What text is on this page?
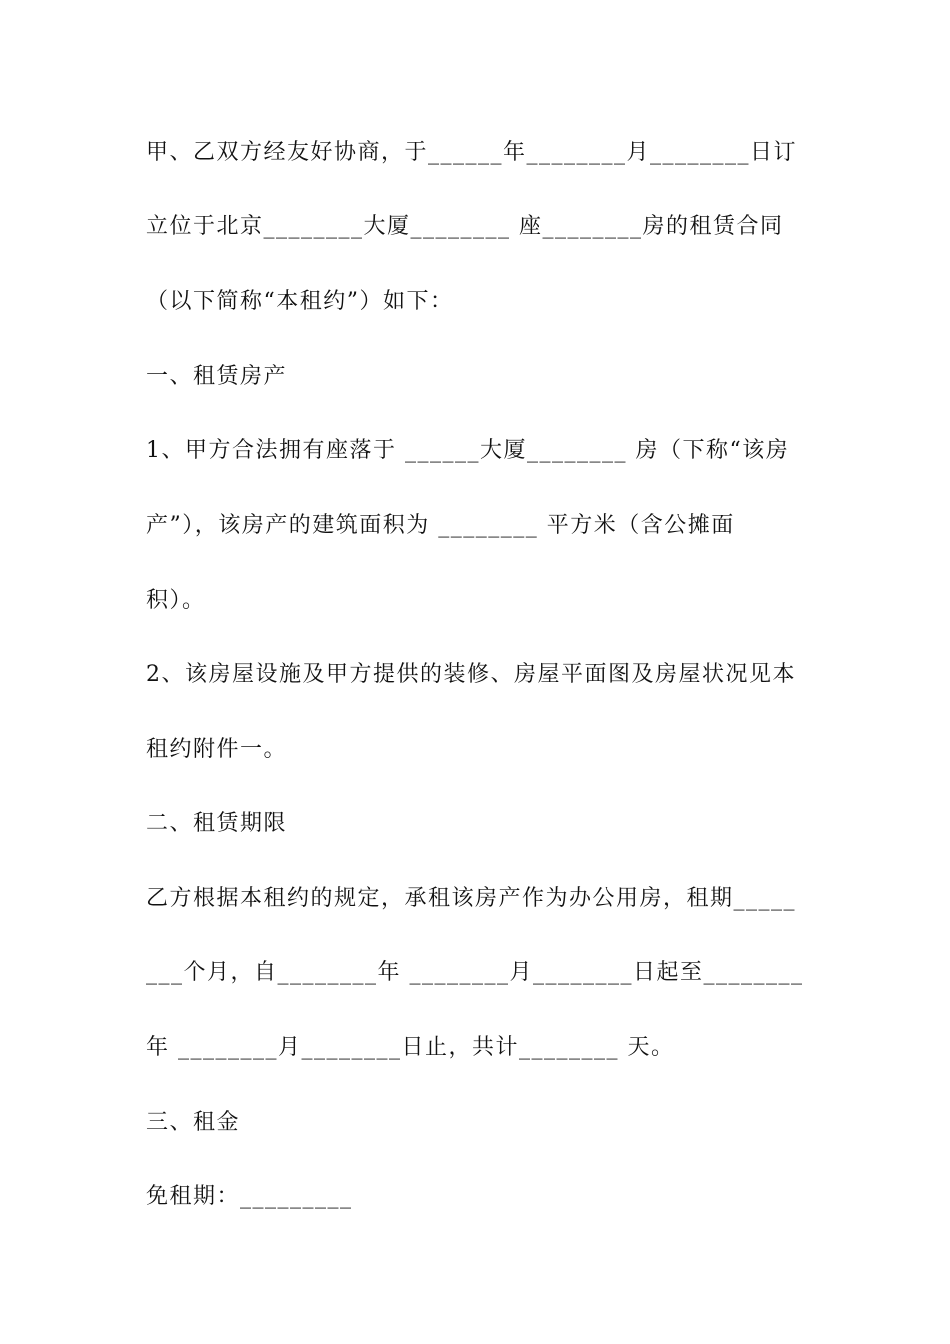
甲、乙双方经友好协商，于______年________月________日订
立位于北京________大厦________ 座________房的租赁合同
（以下简称“本租约”）如下：
一、租赁房产
1、甲方合法拥有座落于 ______大厦________ 房（下称“该房
产”），该房产的建筑面积为 ________ 平方米（含公摊面
积）。
2、该房屋设施及甲方提供的装修、房屋平面图及房屋状况见本
租约附件一。
二、租赁期限
乙方根据本租约的规定，承租该房产作为办公用房，租期_____
___个月，自________年 ________月________日起至________
年 ________月________日止，共计________ 天。
三、租金
免租期：_________
